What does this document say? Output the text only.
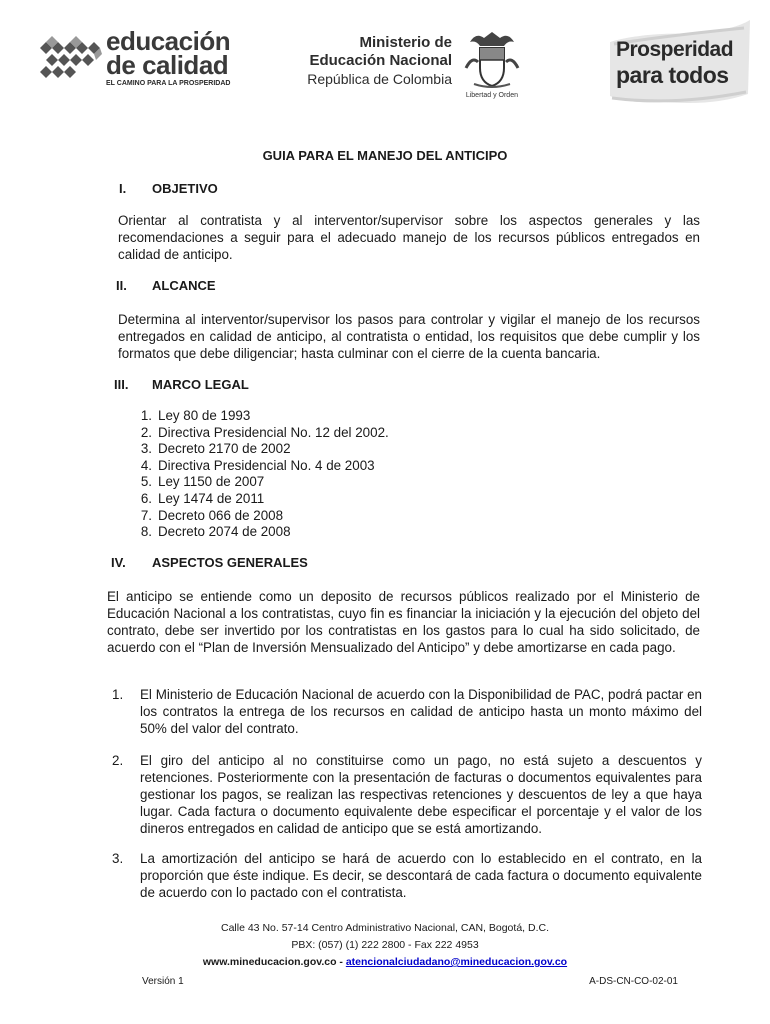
educación
de calidad
EL CAMINO PARA LA PROSPERIDAD
Ministerio de
Educación Nacional
República de Colombia
Libertad y Orden
Prosperidad
para todos
GUIA PARA EL MANEJO DEL ANTICIPO
I. OBJETIVO
Orientar al contratista y al interventor/supervisor sobre los aspectos generales y las recomendaciones a seguir para el adecuado manejo de los recursos públicos entregados en calidad de anticipo.
II. ALCANCE
Determina al interventor/supervisor los pasos para controlar y vigilar el manejo de los recursos entregados en calidad de anticipo, al contratista o entidad, los requisitos que debe cumplir y los formatos que debe diligenciar; hasta culminar con el cierre de la cuenta bancaria.
III. MARCO LEGAL
1. Ley 80 de 1993
2. Directiva Presidencial No. 12 del 2002.
3. Decreto 2170 de 2002
4. Directiva Presidencial No. 4 de 2003
5. Ley 1150 de 2007
6. Ley 1474 de 2011
7. Decreto 066 de 2008
8. Decreto 2074 de 2008
IV. ASPECTOS GENERALES
El anticipo se entiende como un deposito de recursos públicos realizado por el Ministerio de Educación Nacional a los contratistas, cuyo fin es financiar la iniciación y la ejecución del objeto del contrato, debe ser invertido por los contratistas en los gastos para lo cual ha sido solicitado, de acuerdo con el “Plan de Inversión Mensualizado del Anticipo” y debe amortizarse en cada pago.
1.	El Ministerio de Educación Nacional de acuerdo con la Disponibilidad de PAC, podrá pactar en los contratos la entrega de los recursos en calidad de anticipo hasta un monto máximo del 50% del valor del contrato.
2.	El giro del anticipo al no constituirse como un pago, no está sujeto a descuentos y retenciones. Posteriormente con la presentación de facturas o documentos equivalentes para gestionar los pagos, se realizan las respectivas retenciones y descuentos de ley a que haya lugar. Cada factura o documento equivalente debe especificar el porcentaje y el valor de los dineros entregados en calidad de anticipo que se está amortizando.
3.	La amortización del anticipo se hará de acuerdo con lo establecido en el contrato, en la proporción que éste indique. Es decir, se descontará de cada factura o documento equivalente de acuerdo con lo pactado con el contratista.
Calle 43 No. 57-14 Centro Administrativo Nacional, CAN, Bogotá, D.C.
PBX: (057) (1) 222 2800 - Fax 222 4953
www.mineducacion.gov.co - atencionalciudadano@mineducacion.gov.co
Versión 1	A-DS-CN-CO-02-01
